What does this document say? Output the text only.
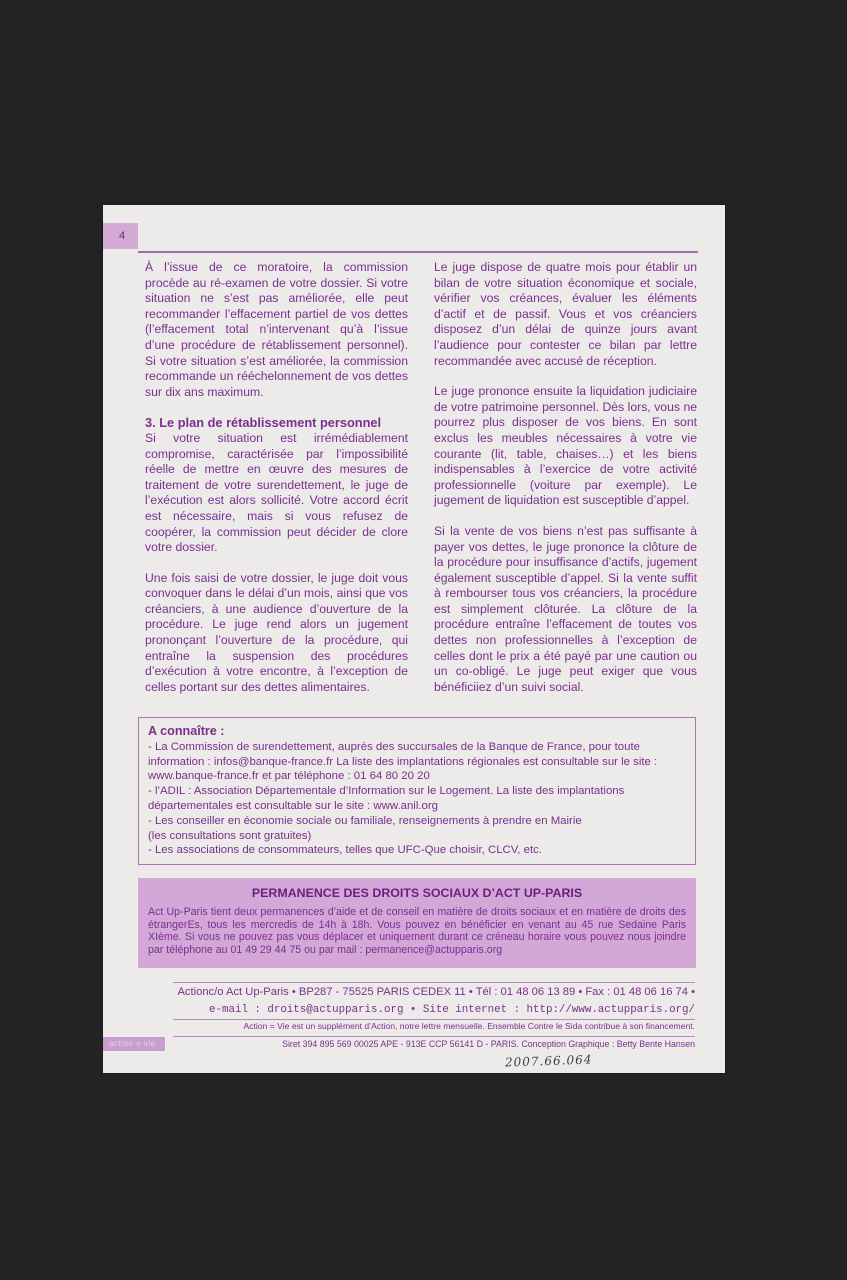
4

À l’issue de ce moratoire, la commission procède au ré-examen de votre dossier. Si votre situation ne s’est pas améliorée, elle peut recommander l’effacement partiel de vos dettes (l’effacement total n’intervenant qu’à l’issue d’une procédure de rétablissement personnel). Si votre situation s’est améliorée, la commission recommande un rééchelonnement de vos dettes sur dix ans maximum.

3. Le plan de rétablissement personnel

Si votre situation est irrémédiablement compromise, caractérisée par l’impossibilité réelle de mettre en œuvre des mesures de traitement de votre surendettement, le juge de l’exécution est alors sollicité. Votre accord écrit est nécessaire, mais si vous refusez de coopérer, la commission peut décider de clore votre dossier.

Une fois saisi de votre dossier, le juge doit vous convoquer dans le délai d’un mois, ainsi que vos créanciers, à une audience d’ouverture de la procédure. Le juge rend alors un jugement prononçant l’ouverture de la procédure, qui entraîne la suspension des procédures d’exécution à votre encontre, à l’exception de celles portant sur des dettes alimentaires.

Le juge dispose de quatre mois pour établir un bilan de votre situation économique et sociale, vérifier vos créances, évaluer les éléments d’actif et de passif. Vous et vos créanciers disposez d’un délai de quinze jours avant l’audience pour contester ce bilan par lettre recommandée avec accusé de réception.

Le juge prononce ensuite la liquidation judiciaire de votre patrimoine personnel. Dès lors, vous ne pourrez plus disposer de vos biens. En sont exclus les meubles nécessaires à votre vie courante (lit, table, chaises…) et les biens indispensables à l’exercice de votre activité professionnelle (voiture par exemple). Le jugement de liquidation est susceptible d’appel.

Si la vente de vos biens n’est pas suffisante à payer vos dettes, le juge prononce la clôture de la procédure pour insuffisance d’actifs, jugement également susceptible d’appel. Si la vente suffit à rembourser tous vos créanciers, la procédure est simplement clôturée. La clôture de la procédure entraîne l’effacement de toutes vos dettes non professionnelles à l’exception de celles dont le prix a été payé par une caution ou un co-obligé. Le juge peut exiger que vous bénéficiiez d’un suivi social.

A connaître :

- La Commission de surendettement, auprès des succursales de la Banque de France, pour toute

information : infos@banque-france.fr La liste des implantations régionales est consultable sur le site :

www.banque-france.fr et par téléphone : 01 64 80 20 20

- l’ADIL : Association Départementale d’Information sur le Logement. La liste des implantations

départementales est consultable sur le site : www.anil.org

- Les conseiller en économie sociale ou familiale, renseignements à prendre en Mairie

(les consultations sont gratuites)

- Les associations de consommateurs, telles que UFC-Que choisir, CLCV, etc.

PERMANENCE DES DROITS SOCIAUX D’ACT UP-PARIS

Act Up-Paris tient deux permanences d’aide et de conseil en matière de droits sociaux et en matière de droits des étrangerEs, tous les mercredis de 14h à 18h. Vous pouvez en bénéficier en venant au 45 rue Sedaine Paris XIème. Si vous ne pouvez pas vous déplacer et uniquement durant ce créneau horaire vous pouvez nous joindre par téléphone au 01 49 29 44 75 ou par mail : permanence@actupparis.org

Actionc/o Act Up-Paris • BP287 - 75525 PARIS CEDEX 11 • Tél : 01 48 06 13 89 • Fax : 01 48 06 16 74 •

e-mail : droits@actupparis.org • Site internet : http://www.actupparis.org/

Action = Vie est un supplément d’Action, notre lettre mensuelle. Ensemble Contre le Sida contribue à son financement.

action = vie	Siret 394 895 569 00025 APE - 913E CCP 56141 D - PARIS. Conception Graphique : Betty Bente Hansen

2007.66.064
